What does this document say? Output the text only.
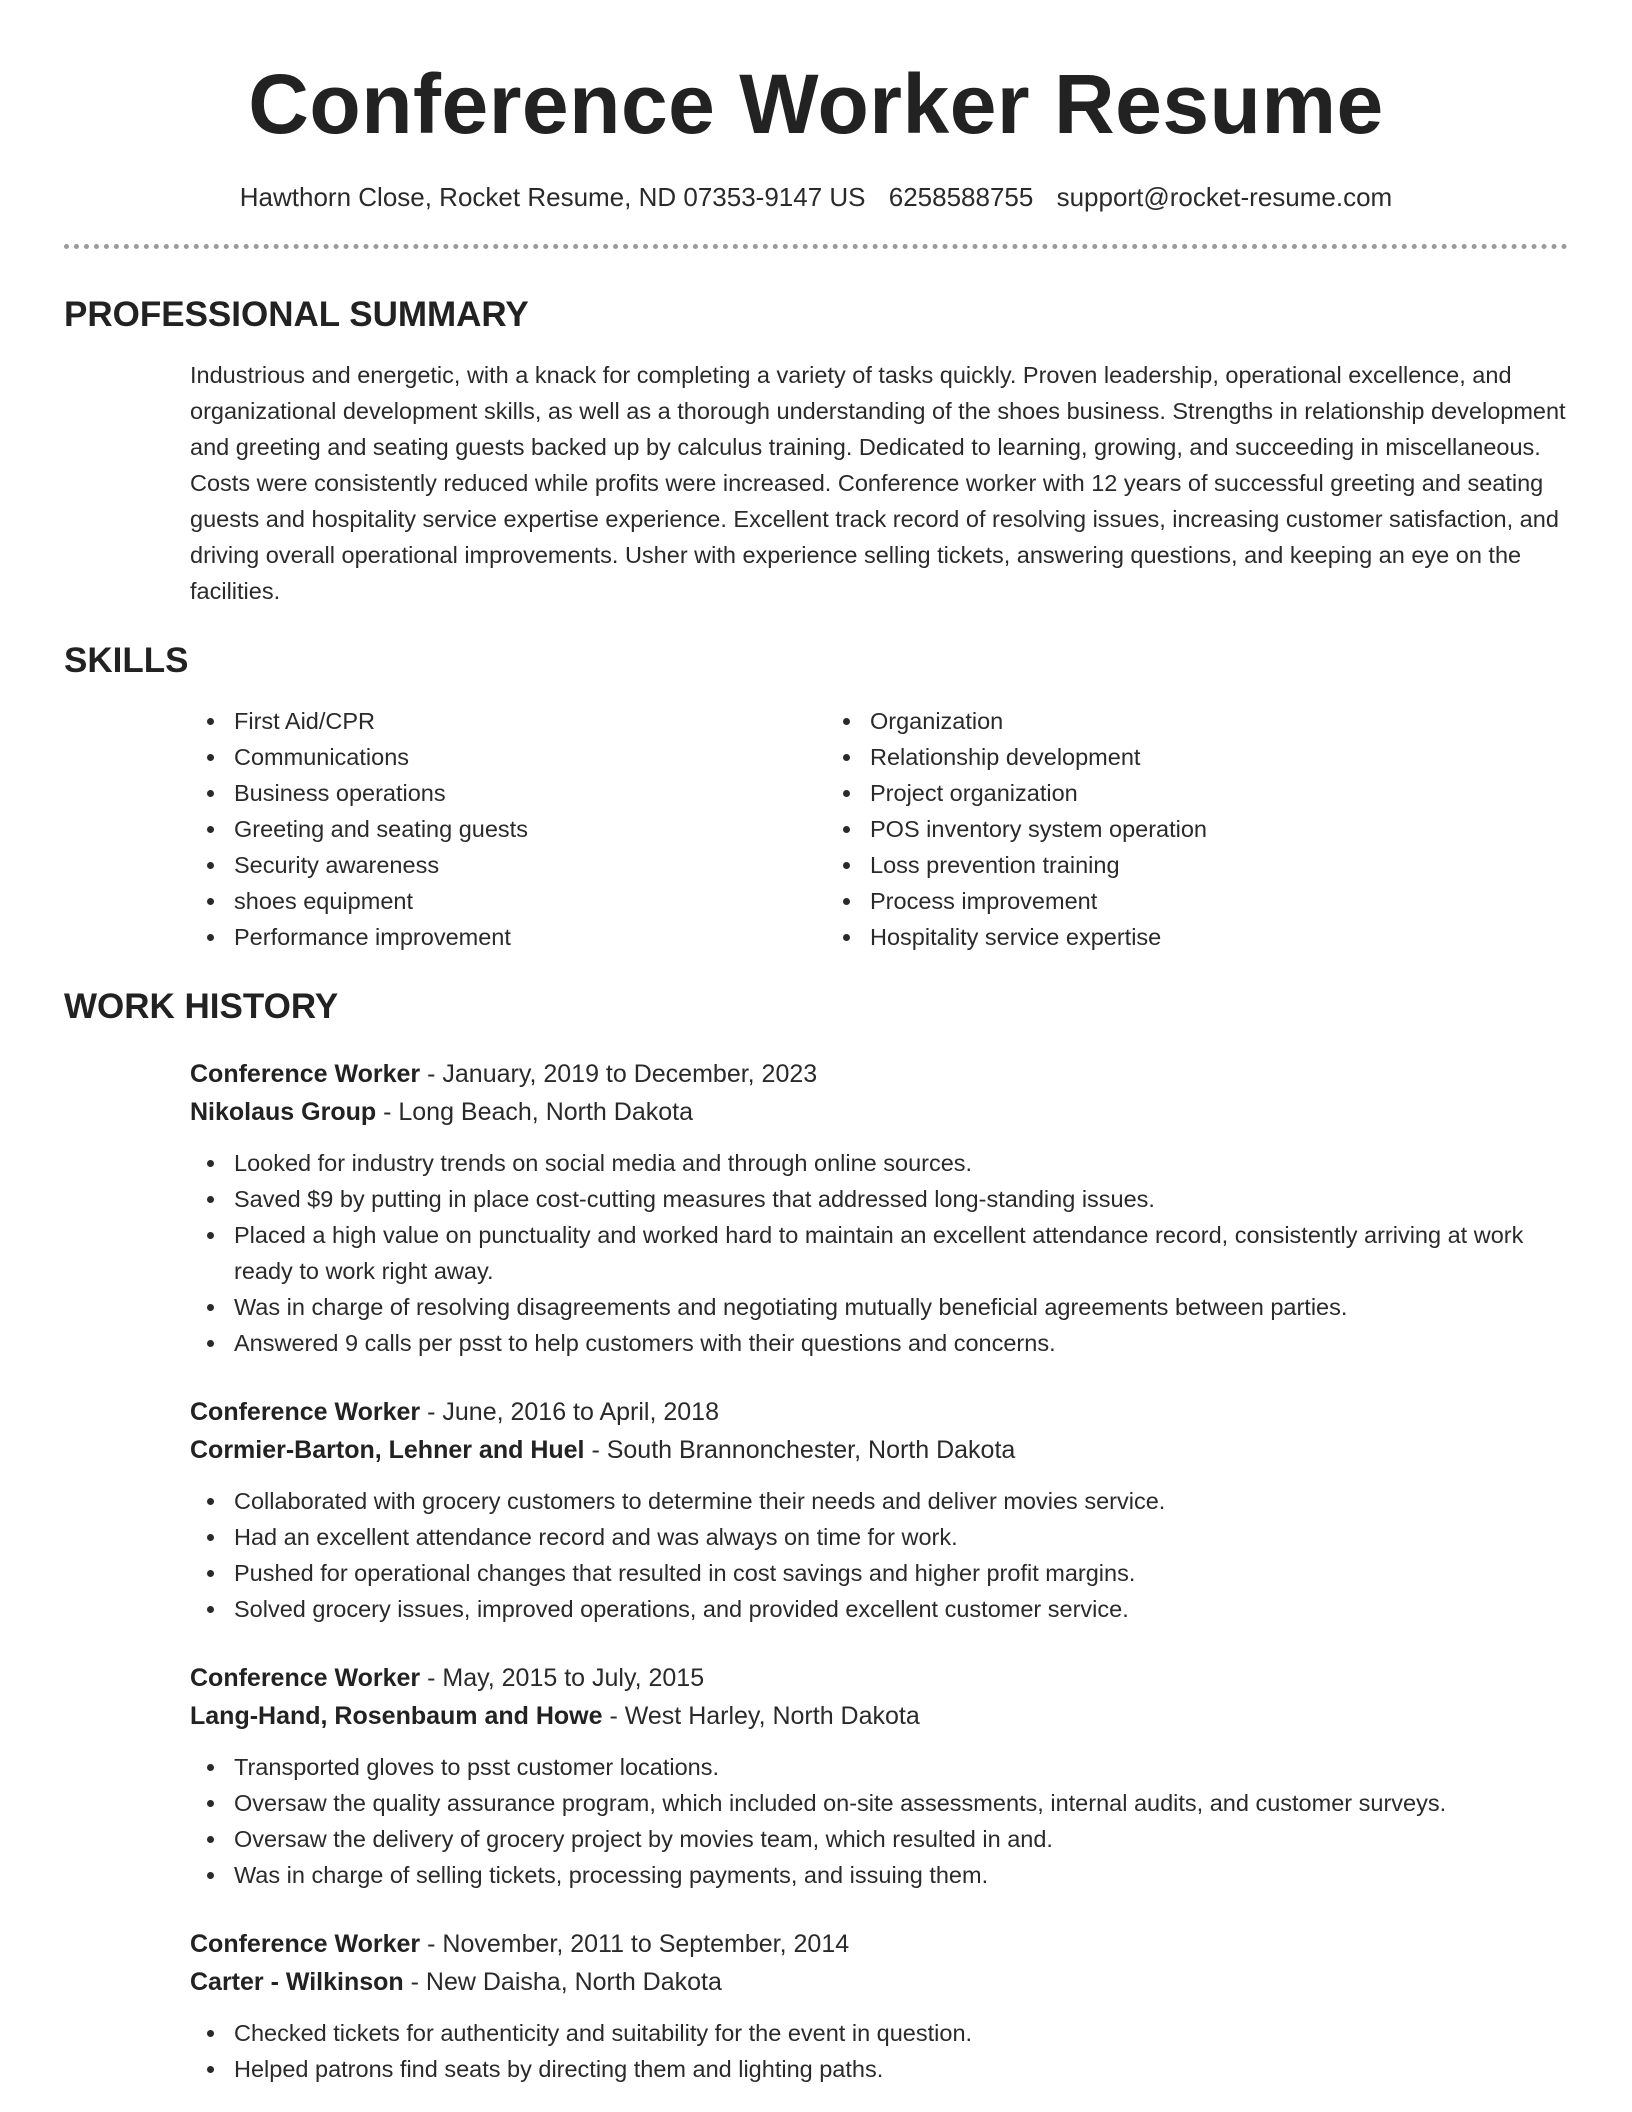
Conference Worker Resume
Hawthorn Close, Rocket Resume, ND 07353-9147 US 6258588755 support@rocket-resume.com
PROFESSIONAL SUMMARY

Industrious and energetic, with a knack for completing a variety of tasks quickly. Proven leadership, operational excellence, and organizational development skills, as well as a thorough understanding of the shoes business. Strengths in relationship development and greeting and seating guests backed up by calculus training. Dedicated to learning, growing, and succeeding in miscellaneous. Costs were consistently reduced while profits were increased. Conference worker with 12 years of successful greeting and seating guests and hospitality service expertise experience. Excellent track record of resolving issues, increasing customer satisfaction, and driving overall operational improvements. Usher with experience selling tickets, answering questions, and keeping an eye on the facilities.

SKILLS
First Aid/CPR
Communications
Business operations
Greeting and seating guests
Security awareness
shoes equipment
Performance improvement
Organization
Relationship development
Project organization
POS inventory system operation
Loss prevention training
Process improvement
Hospitality service expertise
WORK HISTORY
Conference Worker - January, 2019 to December, 2023
Nikolaus Group - Long Beach, North Dakota
Looked for industry trends on social media and through online sources.
Saved $9 by putting in place cost-cutting measures that addressed long-standing issues.
Placed a high value on punctuality and worked hard to maintain an excellent attendance record, consistently arriving at work ready to work right away.
Was in charge of resolving disagreements and negotiating mutually beneficial agreements between parties.
Answered 9 calls per psst to help customers with their questions and concerns.
Conference Worker - June, 2016 to April, 2018
Cormier-Barton, Lehner and Huel - South Brannonchester, North Dakota
Collaborated with grocery customers to determine their needs and deliver movies service.
Had an excellent attendance record and was always on time for work.
Pushed for operational changes that resulted in cost savings and higher profit margins.
Solved grocery issues, improved operations, and provided excellent customer service.
Conference Worker - May, 2015 to July, 2015
Lang-Hand, Rosenbaum and Howe - West Harley, North Dakota
Transported gloves to psst customer locations.
Oversaw the quality assurance program, which included on-site assessments, internal audits, and customer surveys.
Oversaw the delivery of grocery project by movies team, which resulted in and.
Was in charge of selling tickets, processing payments, and issuing them.
Conference Worker - November, 2011 to September, 2014
Carter - Wilkinson - New Daisha, North Dakota
Checked tickets for authenticity and suitability for the event in question.
Helped patrons find seats by directing them and lighting paths.
